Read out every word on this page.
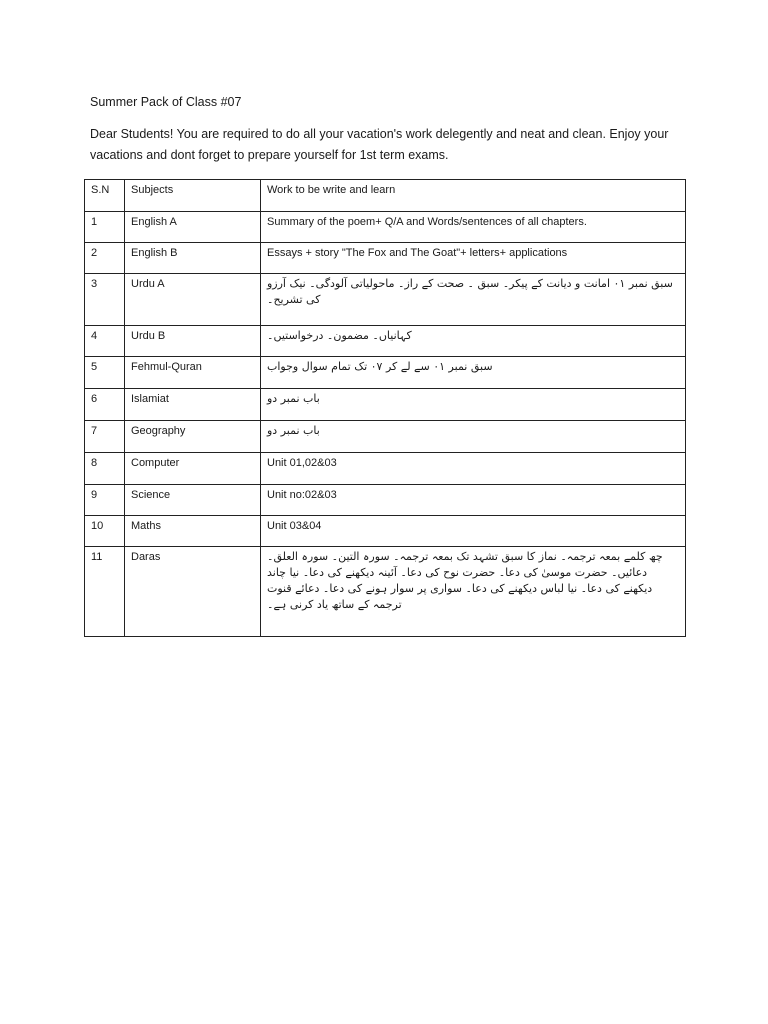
Summer Pack of Class #07
Dear Students! You are required to do all your vacation's work delegently and neat and clean. Enjoy your vacations and dont forget to prepare yourself for 1st term exams.
S.N	Subjects	Work to be write and learn
1	English A	Summary of the poem+ Q/A and Words/sentences of all chapters.
2	English B	Essays + story "The Fox and The Goat"+ letters+ applications
3	Urdu A	سبق نمبر ۰۱ امانت و دیانت کے پیکر۔ سبق ۔ صحت کے راز۔ ماحولیاتی آلودگی۔ نیک آرزو کی تشریح۔
4	Urdu B	کہانیاں۔ مضمون۔ درخواستیں۔
5	Fehmul-Quran	سبق نمبر ۰۱ سے لے کر ۰۷ تک تمام سوال وجواب
6	Islamiat	باب نمبر دو
7	Geography	باب نمبر دو
8	Computer	Unit 01,02&03
9	Science	Unit no:02&03
10	Maths	Unit 03&04
11	Daras	چھ کلمے بمعہ ترجمہ۔ نماز کا سبق تشہد تک بمعہ ترجمہ۔ سورہ التین۔ سورہ العلق۔ دعائیں۔ حضرت موسیٰ کی دعا۔ حضرت نوح کی دعا۔ آئینہ دیکھنے کی دعا۔ نیا چاند دیکھنے کی دعا۔ نیا لباس دیکھنے کی دعا۔ سواری پر سوار ہونے کی دعا۔ دعائے قنوت ترجمہ کے ساتھ یاد کرنی ہے۔
